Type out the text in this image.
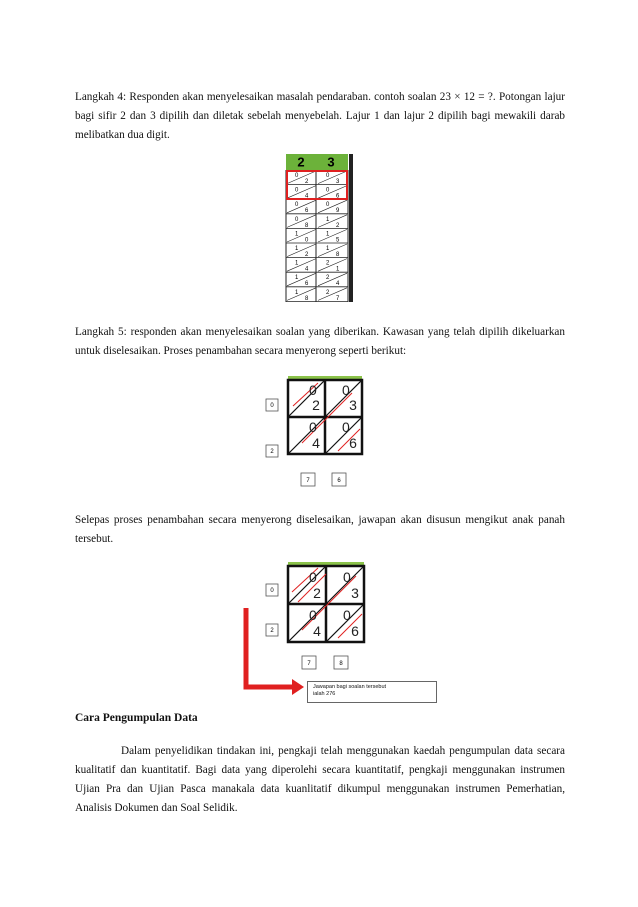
Langkah 4: Responden akan menyelesaikan masalah pendaraban. contoh soalan 23 × 12 = ?. Potongan lajur bagi sifir 2 dan 3 dipilih dan diletak sebelah menyebelah. Lajur 1 dan lajur 2 dipilih bagi mewakili darab melibatkan dua digit.
2 3
0
2
0
3
0
4
0
6
0
6
0
9
0
8
1
2
1
0
1
5
1
2
1
8
1
4
2
1
1
6
2
4
1
8
2
7
Langkah 5: responden akan menyelesaikan soalan yang diberikan. Kawasan yang telah dipilih dikeluarkan untuk diselesaikan. Proses penambahan secara menyerong seperti berikut:
0
2
0
3
0
4
0
6
0
2
7	6
Selepas proses penambahan secara menyerong diselesaikan, jawapan akan disusun mengikut anak panah tersebut.
0
2
0
3
0
4
0
6
0
2
7	8
Jawapan bagi soalan tersebut
ialah 276
Cara Pengumpulan Data
Dalam penyelidikan tindakan ini, pengkaji telah menggunakan kaedah pengumpulan data secara kualitatif dan kuantitatif. Bagi data yang diperolehi secara kuantitatif, pengkaji menggunakan instrumen Ujian Pra dan Ujian Pasca manakala data kuanlitatif dikumpul menggunakan instrumen Pemerhatian, Analisis Dokumen dan Soal Selidik.
